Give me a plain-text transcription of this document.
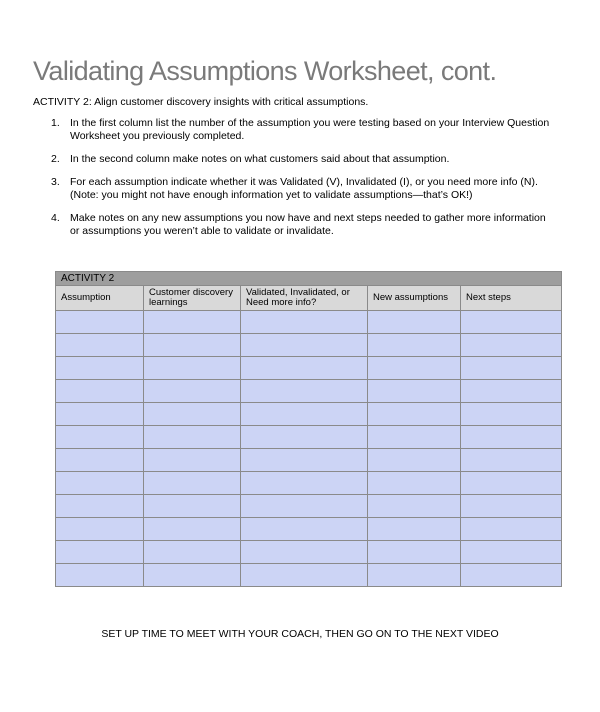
Validating Assumptions Worksheet, cont.
ACTIVITY 2: Align customer discovery insights with critical assumptions.
1. In the first column list the number of the assumption you were testing based on your Interview Question Worksheet you previously completed.
2. In the second column make notes on what customers said about that assumption.
3. For each assumption indicate whether it was Validated (V), Invalidated (I), or you need more info (N). (Note: you might not have enough information yet to validate assumptions—that’s OK!)
4. Make notes on any new assumptions you now have and next steps needed to gather more information or assumptions you weren’t able to validate or invalidate.
ACTIVITY 2				
Assumption	Customer discovery learnings	Validated, Invalidated, or Need more info?	New assumptions	Next steps

SET UP TIME TO MEET WITH YOUR COACH, THEN GO ON TO THE NEXT VIDEO
